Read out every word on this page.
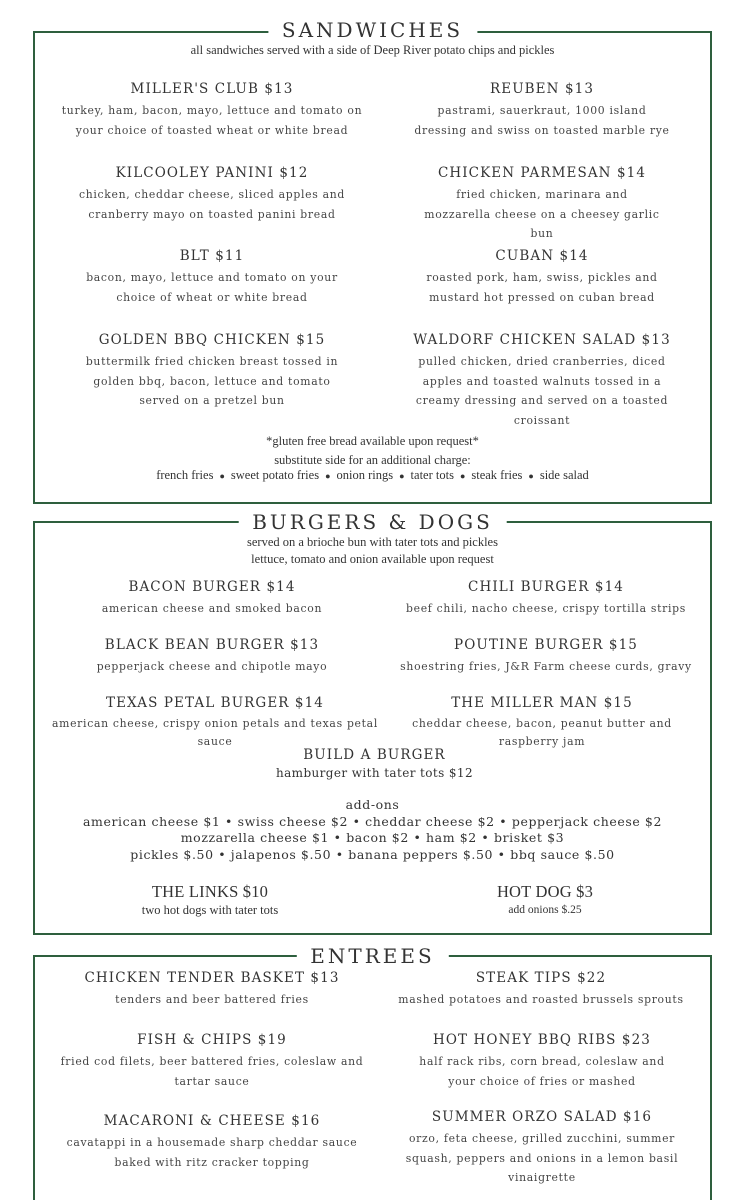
SANDWICHES
all sandwiches served with a side of Deep River potato chips and pickles
MILLER'S CLUB $13
turkey, ham, bacon, mayo, lettuce and tomato on your choice of toasted wheat or white bread
REUBEN $13
pastrami, sauerkraut, 1000 island dressing and swiss on toasted marble rye
KILCOOLEY PANINI $12
chicken, cheddar cheese, sliced apples and cranberry mayo on toasted panini bread
CHICKEN PARMESAN $14
fried chicken, marinara and mozzarella cheese on a cheesey garlic bun
BLT $11
bacon, mayo, lettuce and tomato on your choice of wheat or white bread
CUBAN $14
roasted pork, ham, swiss, pickles and mustard hot pressed on cuban bread
GOLDEN BBQ CHICKEN $15
buttermilk fried chicken breast tossed in golden bbq, bacon, lettuce and tomato served on a pretzel bun
WALDORF CHICKEN SALAD $13
pulled chicken, dried cranberries, diced apples and toasted walnuts tossed in a creamy dressing and served on a toasted croissant
*gluten free bread available upon request*
substitute side for an additional charge:
french fries ● sweet potato fries ● onion rings ● tater tots ● steak fries ● side salad
BURGERS & DOGS
served on a brioche bun with tater tots and pickles
lettuce, tomato and onion available upon request
BACON BURGER $14
american cheese and smoked bacon
CHILI BURGER $14
beef chili, nacho cheese, crispy tortilla strips
BLACK BEAN BURGER $13
pepperjack cheese and chipotle mayo
POUTINE BURGER $15
shoestring fries, J&R Farm cheese curds, gravy
TEXAS PETAL BURGER $14
american cheese, crispy onion petals and texas petal sauce
THE MILLER MAN $15
cheddar cheese, bacon, peanut butter and raspberry jam
BUILD A BURGER
hamburger with tater tots $12
add-ons
american cheese $1 • swiss cheese $2 • cheddar cheese $2 • pepperjack cheese $2
mozzarella cheese $1 • bacon $2 • ham $2 • brisket $3
pickles $.50 • jalapenos $.50 • banana peppers $.50 • bbq sauce $.50
THE LINKS $10
two hot dogs with tater tots
HOT DOG $3
add onions $.25
ENTREES
CHICKEN TENDER BASKET $13
tenders and beer battered fries
STEAK TIPS $22
mashed potatoes and roasted brussels sprouts
FISH & CHIPS $19
fried cod filets, beer battered fries, coleslaw and tartar sauce
HOT HONEY BBQ RIBS $23
half rack ribs, corn bread, coleslaw and your choice of fries or mashed
MACARONI & CHEESE $16
cavatappi in a housemade sharp cheddar sauce baked with ritz cracker topping
SUMMER ORZO SALAD $16
orzo, feta cheese, grilled zucchini, summer squash, peppers and onions in a lemon basil vinaigrette
